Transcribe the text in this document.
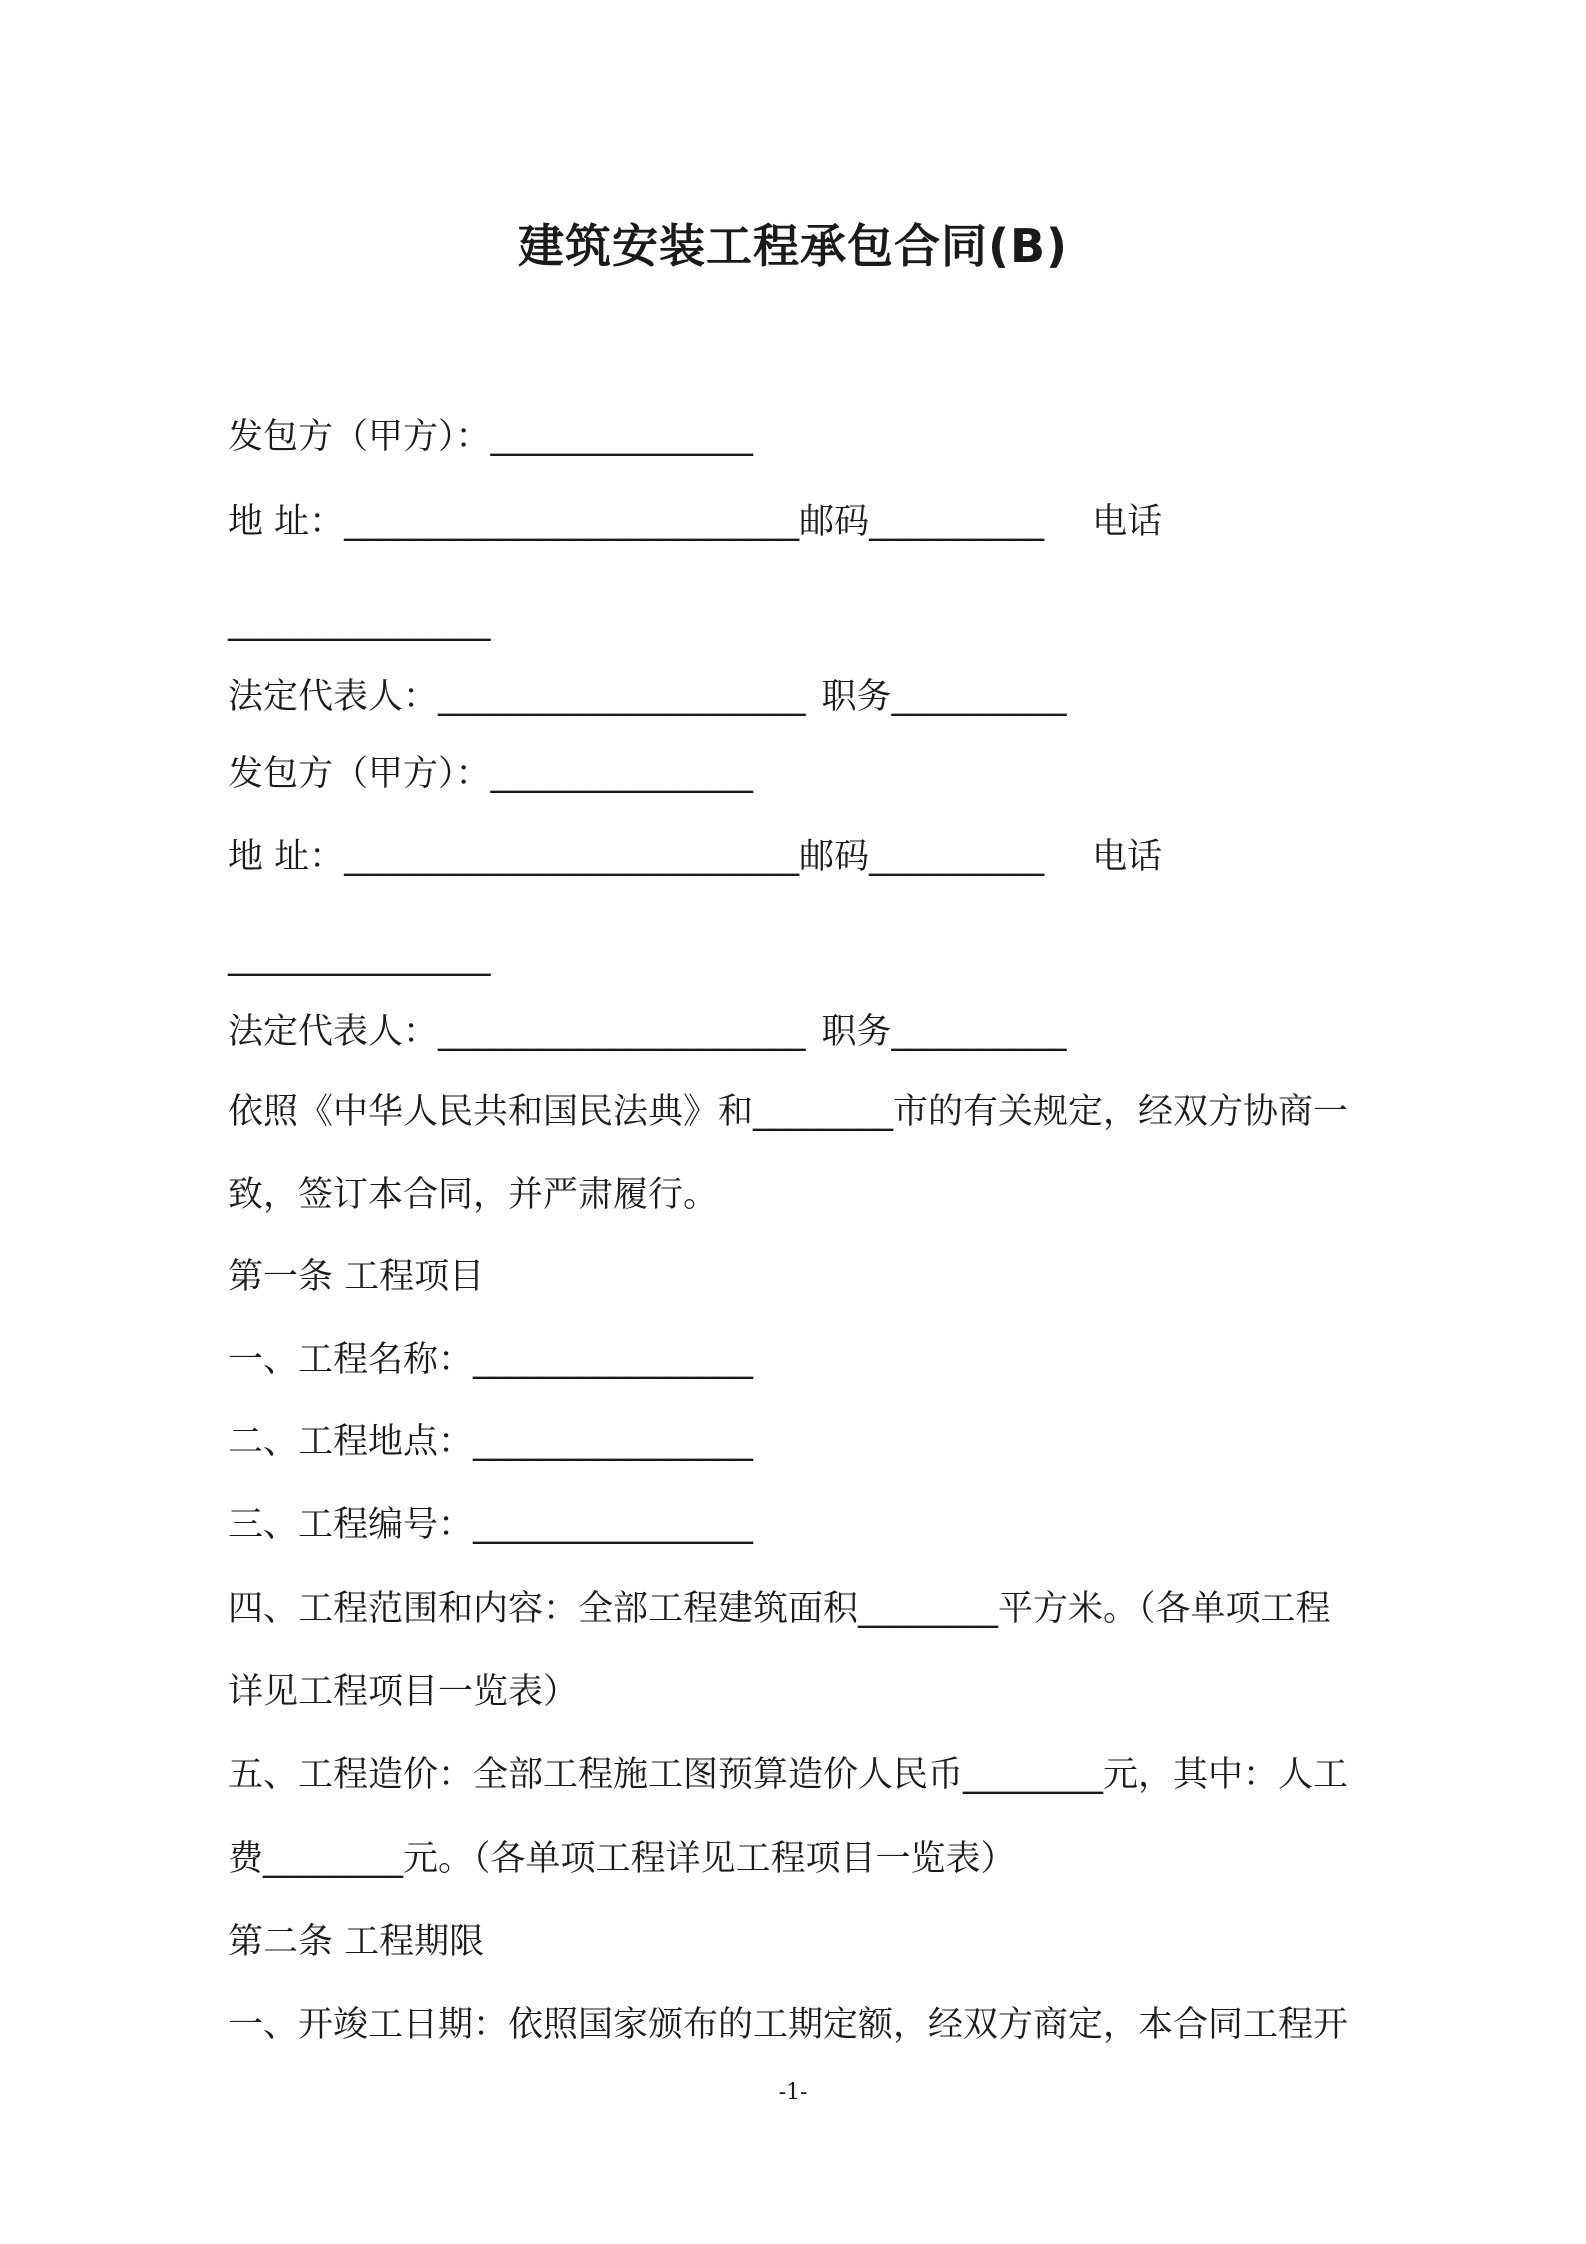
建筑安装工程承包合同(B)
发包方（甲方）：_______________
地 址：__________________________邮码__________ 电话
_______________
法定代表人：_____________________ 职务__________
发包方（甲方）：_______________
地 址：__________________________邮码__________ 电话
_______________
法定代表人：_____________________ 职务__________
依照《中华人民共和国民法典》和________市的有关规定，经双方协商一
致，签订本合同，并严肃履行。
第一条 工程项目
一、工程名称：________________
二、工程地点：________________
三、工程编号：________________
四、工程范围和内容：全部工程建筑面积________平方米。（各单项工程
详见工程项目一览表）
五、工程造价：全部工程施工图预算造价人民币________元，其中：人工
费________元。（各单项工程详见工程项目一览表）
第二条 工程期限
一、开竣工日期：依照国家颁布的工期定额，经双方商定，本合同工程开
-1-
